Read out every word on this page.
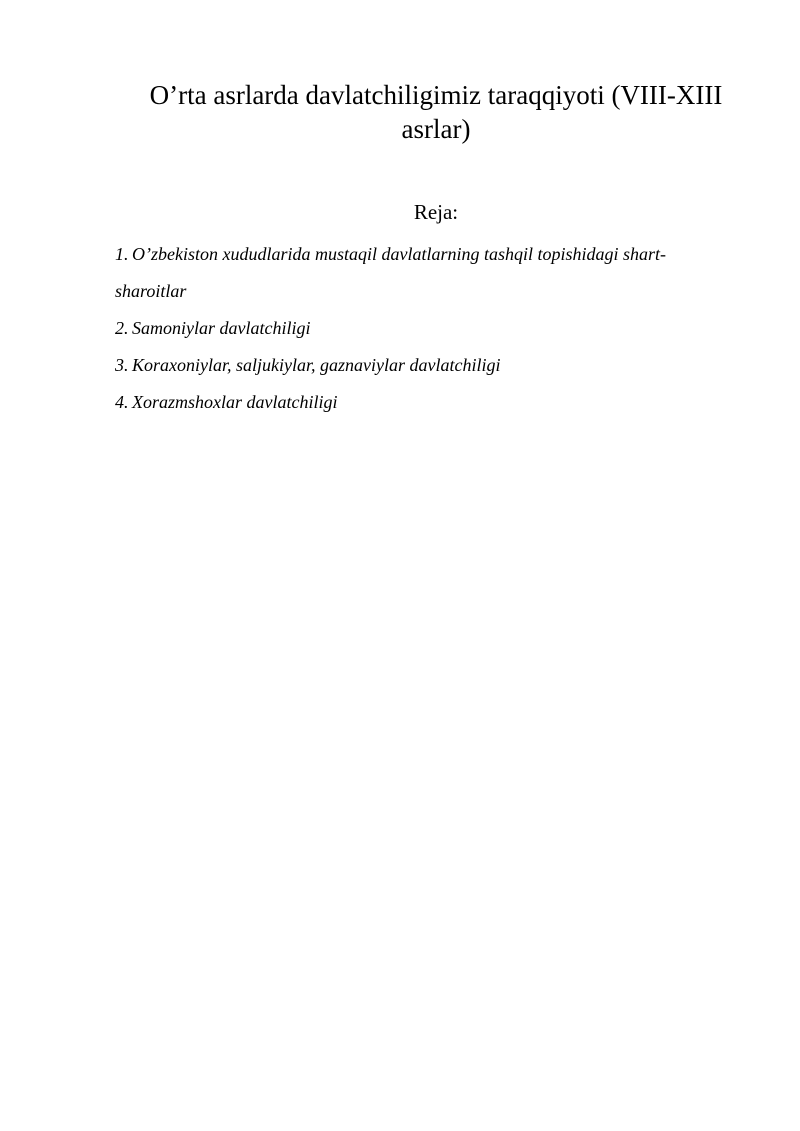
O’rta asrlarda davlatchiligimiz taraqqiyoti (VIII-XIII asrlar)
Reja:
1. O’zbekiston xududlarida mustaqil davlatlarning tashqil topishidagi shart-sharoitlar
2. Samoniylar davlatchiligi
3. Koraxoniylar, saljukiylar, gaznaviylar davlatchiligi
4. Xorazmshoxlar davlatchiligi
